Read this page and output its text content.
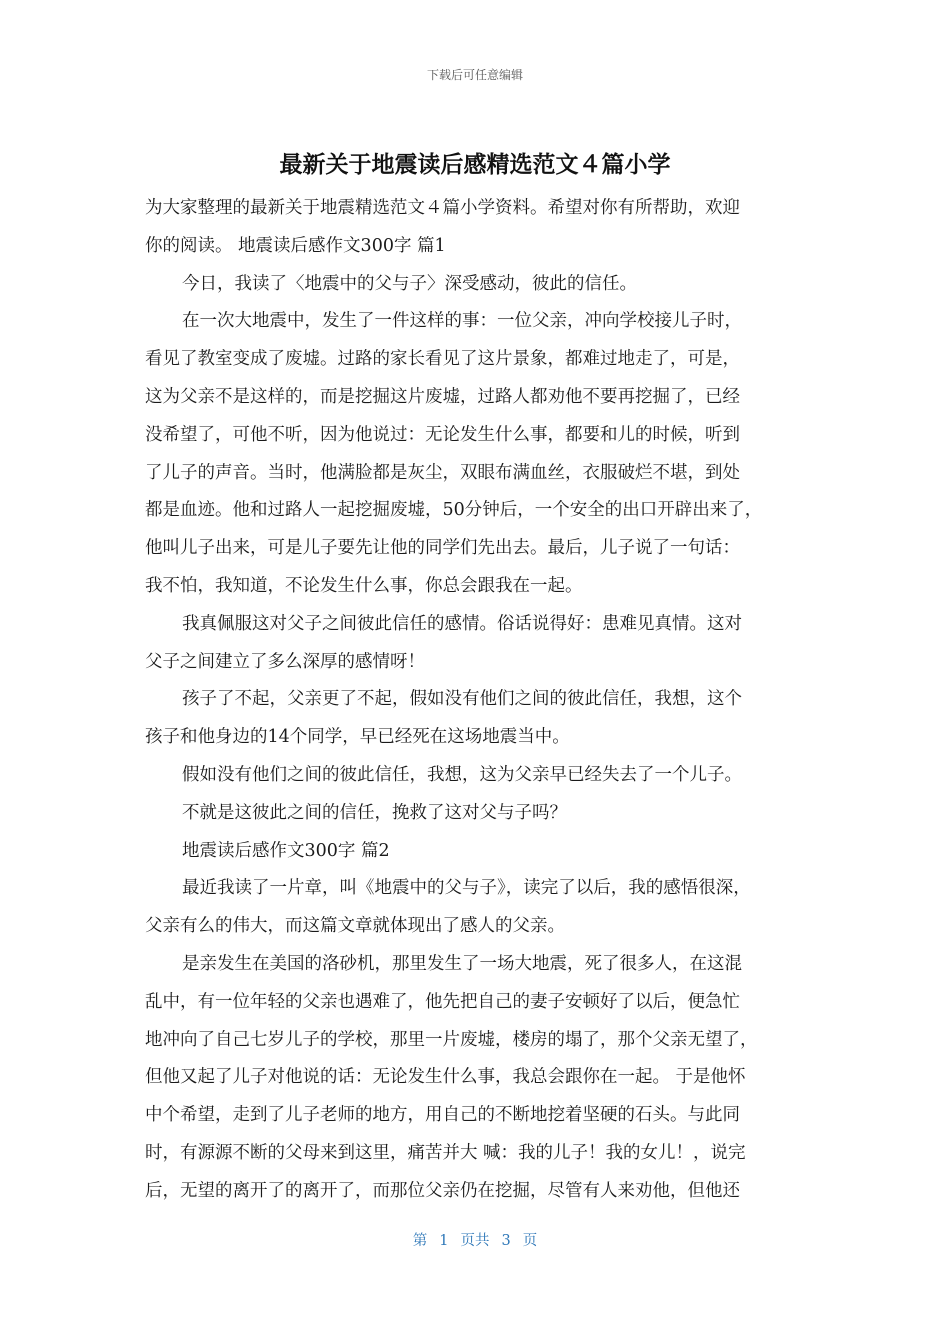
下载后可任意编辑
最新关于地震读后感精选范文４篇小学
为大家整理的最新关于地震精选范文４篇小学资料。希望对你有所帮助，欢迎
你的阅读。 地震读后感作文300字 篇1
今日，我读了〈地震中的父与子〉深受感动，彼此的信任。
在一次大地震中，发生了一件这样的事：一位父亲，冲向学校接儿子时，
看见了教室变成了废墟。过路的家长看见了这片景象，都难过地走了，可是，
这为父亲不是这样的，而是挖掘这片废墟，过路人都劝他不要再挖掘了，已经
没希望了，可他不听，因为他说过：无论发生什么事，都要和儿的时候，听到
了儿子的声音。当时，他满脸都是灰尘，双眼布满血丝，衣服破烂不堪，到处
都是血迹。他和过路人一起挖掘废墟，50分钟后，一个安全的出口开辟出来了，
他叫儿子出来，可是儿子要先让他的同学们先出去。最后，儿子说了一句话：
我不怕，我知道，不论发生什么事，你总会跟我在一起。
我真佩服这对父子之间彼此信任的感情。俗话说得好：患难见真情。这对
父子之间建立了多么深厚的感情呀！
孩子了不起，父亲更了不起，假如没有他们之间的彼此信任，我想，这个
孩子和他身边的14个同学，早已经死在这场地震当中。
假如没有他们之间的彼此信任，我想，这为父亲早已经失去了一个儿子。
不就是这彼此之间的信任，挽救了这对父与子吗？
地震读后感作文300字 篇2
最近我读了一片章，叫《地震中的父与子》，读完了以后，我的感悟很深，
父亲有么的伟大，而这篇文章就体现出了感人的父亲。
是亲发生在美国的洛砂机，那里发生了一场大地震，死了很多人，在这混
乱中，有一位年轻的父亲也遇难了，他先把自己的妻子安顿好了以后，便急忙
地冲向了自己七岁儿子的学校，那里一片废墟，楼房的塌了，那个父亲无望了，
但他又起了儿子对他说的话：无论发生什么事，我总会跟你在一起。 于是他怀
中个希望，走到了儿子老师的地方，用自己的不断地挖着坚硬的石头。与此同
时，有源源不断的父母来到这里，痛苦并大 喊：我的儿子！我的女儿！，说完
后，无望的离开了的离开了，而那位父亲仍在挖掘，尽管有人来劝他，但他还
第 1 页共 3 页
